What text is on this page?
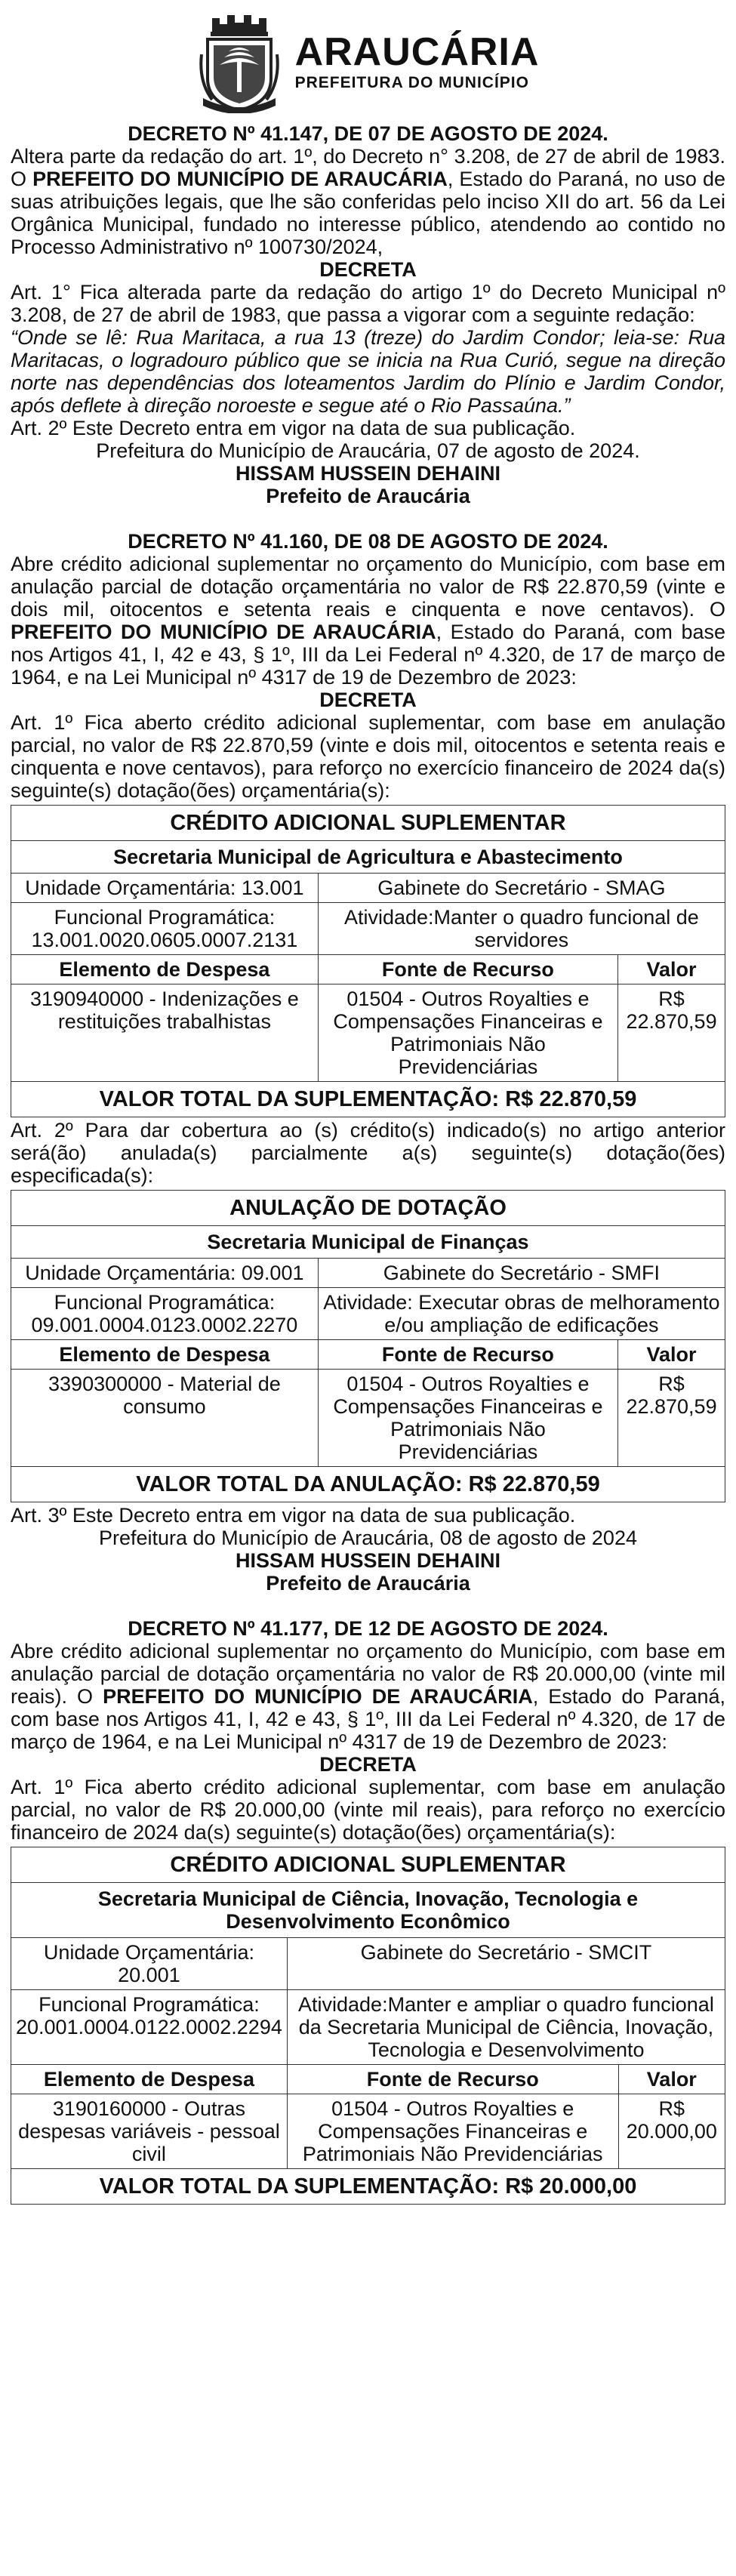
ARAUCÁRIA
PREFEITURA DO MUNICÍPIO

DECRETO Nº 41.147, DE 07 DE AGOSTO DE 2024.

Altera parte da redação do art. 1º, do Decreto n° 3.208, de 27 de abril de 1983. O PREFEITO DO MUNICÍPIO DE ARAUCÁRIA, Estado do Paraná, no uso de suas atribuições legais, que lhe são conferidas pelo inciso XII do art. 56 da Lei Orgânica Municipal, fundado no interesse público, atendendo ao contido no Processo Administrativo nº 100730/2024,

DECRETA

Art. 1° Fica alterada parte da redação do artigo 1º do Decreto Municipal nº 3.208, de 27 de abril de 1983, que passa a vigorar com a seguinte redação:

“Onde se lê: Rua Maritaca, a rua 13 (treze) do Jardim Condor; leia-se: Rua Maritacas, o logradouro público que se inicia na Rua Curió, segue na direção norte nas dependências dos loteamentos Jardim do Plínio e Jardim Condor, após deflete à direção noroeste e segue até o Rio Passaúna.”

Art. 2º Este Decreto entra em vigor na data de sua publicação.

Prefeitura do Município de Araucária, 07 de agosto de 2024.

HISSAM HUSSEIN DEHAINI

Prefeito de Araucária

DECRETO Nº 41.160, DE 08 DE AGOSTO DE 2024.

Abre crédito adicional suplementar no orçamento do Município, com base em anulação parcial de dotação orçamentária no valor de R$ 22.870,59 (vinte e dois mil, oitocentos e setenta reais e cinquenta e nove centavos). O PREFEITO DO MUNICÍPIO DE ARAUCÁRIA, Estado do Paraná, com base nos Artigos 41, I, 42 e 43, § 1º, III da Lei Federal nº 4.320, de 17 de março de 1964, e na Lei Municipal nº 4317 de 19 de Dezembro de 2023:

DECRETA

Art. 1º Fica aberto crédito adicional suplementar, com base em anulação parcial, no valor de R$ 22.870,59 (vinte e dois mil, oitocentos e setenta reais e cinquenta e nove centavos), para reforço no exercício financeiro de 2024 da(s) seguinte(s) dotação(ões) orçamentária(s):

CRÉDITO ADICIONAL SUPLEMENTAR		
Secretaria Municipal de Agricultura e Abastecimento		
Unidade Orçamentária: 13.001	Gabinete do Secretário - SMAG	
Funcional Programática: 13.001.0020.0605.0007.2131	Atividade:Manter o quadro funcional de servidores	
Elemento de Despesa	Fonte de Recurso	Valor
3190940000 - Indenizações e restituições trabalhistas	01504 - Outros Royalties e Compensações Financeiras e Patrimoniais Não Previdenciárias	R$ 22.870,59
VALOR TOTAL DA SUPLEMENTAÇÃO: R$ 22.870,59		

Art. 2º Para dar cobertura ao (s) crédito(s) indicado(s) no artigo anterior será(ão) anulada(s) parcialmente a(s) seguinte(s) dotação(ões) especificada(s):

ANULAÇÃO DE DOTAÇÃO		
Secretaria Municipal de Finanças		
Unidade Orçamentária: 09.001	Gabinete do Secretário - SMFI	
Funcional Programática: 09.001.0004.0123.0002.2270	Atividade: Executar obras de melhoramento e/ou ampliação de edificações	
Elemento de Despesa	Fonte de Recurso	Valor
3390300000 - Material de consumo	01504 - Outros Royalties e Compensações Financeiras e Patrimoniais Não Previdenciárias	R$ 22.870,59
VALOR TOTAL DA ANULAÇÃO: R$ 22.870,59		

Art. 3º Este Decreto entra em vigor na data de sua publicação.

Prefeitura do Município de Araucária, 08 de agosto de 2024

HISSAM HUSSEIN DEHAINI

Prefeito de Araucária

DECRETO Nº 41.177, DE 12 DE AGOSTO DE 2024.

Abre crédito adicional suplementar no orçamento do Município, com base em anulação parcial de dotação orçamentária no valor de R$ 20.000,00 (vinte mil reais). O PREFEITO DO MUNICÍPIO DE ARAUCÁRIA, Estado do Paraná, com base nos Artigos 41, I, 42 e 43, § 1º, III da Lei Federal nº 4.320, de 17 de março de 1964, e na Lei Municipal nº 4317 de 19 de Dezembro de 2023:

DECRETA

Art. 1º Fica aberto crédito adicional suplementar, com base em anulação parcial, no valor de R$ 20.000,00 (vinte mil reais), para reforço no exercício financeiro de 2024 da(s) seguinte(s) dotação(ões) orçamentária(s):

CRÉDITO ADICIONAL SUPLEMENTAR		
Secretaria Municipal de Ciência, Inovação, Tecnologia e Desenvolvimento Econômico		
Unidade Orçamentária: 20.001	Gabinete do Secretário - SMCIT	
Funcional Programática: 20.001.0004.0122.0002.2294	Atividade:Manter e ampliar o quadro funcional da Secretaria Municipal de Ciência, Inovação, Tecnologia e Desenvolvimento	
Elemento de Despesa	Fonte de Recurso	Valor
3190160000 - Outras despesas variáveis - pessoal civil	01504 - Outros Royalties e Compensações Financeiras e Patrimoniais Não Previdenciárias	R$ 20.000,00
VALOR TOTAL DA SUPLEMENTAÇÃO: R$ 20.000,00		
